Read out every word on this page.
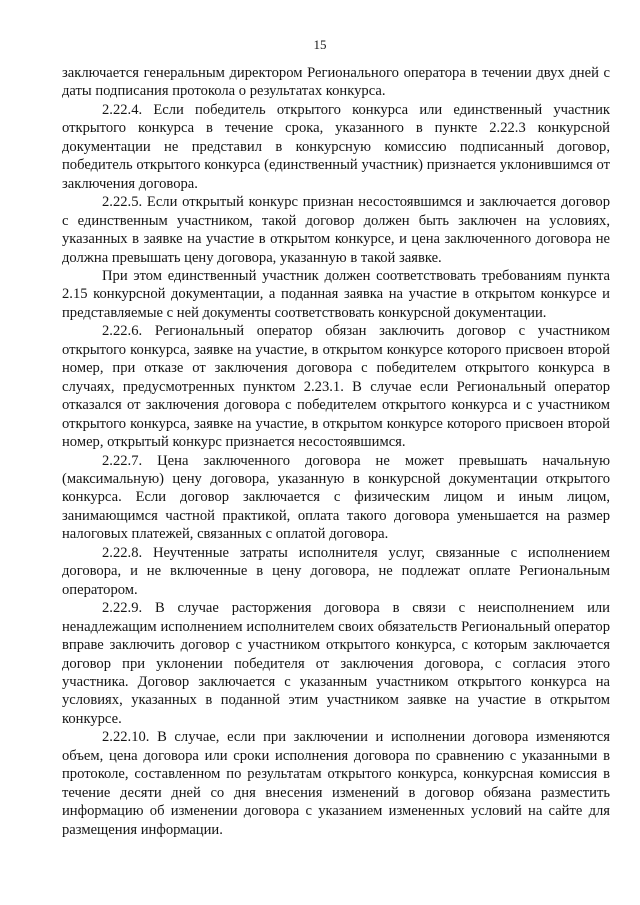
15

заключается генеральным директором Регионального оператора в течении двух дней с даты подписания протокола о результатах конкурса.

2.22.4. Если победитель открытого конкурса или единственный участник открытого конкурса в течение срока, указанного в пункте 2.22.3 конкурсной документации не представил в конкурсную комиссию подписанный договор, победитель открытого конкурса (единственный участник) признается уклонившимся от заключения договора.

2.22.5. Если открытый конкурс признан несостоявшимся и заключается договор с единственным участником, такой договор должен быть заключен на условиях, указанных в заявке на участие в открытом конкурсе, и цена заключенного договора не должна превышать цену договора, указанную в такой заявке.

При этом единственный участник должен соответствовать требованиям пункта 2.15 конкурсной документации, а поданная заявка на участие в открытом конкурсе и представляемые с ней документы соответствовать конкурсной документации.

2.22.6. Региональный оператор обязан заключить договор с участником открытого конкурса, заявке на участие, в открытом конкурсе которого присвоен второй номер, при отказе от заключения договора с победителем открытого конкурса в случаях, предусмотренных пунктом 2.23.1. В случае если Региональный оператор отказался от заключения договора с победителем открытого конкурса и с участником открытого конкурса, заявке на участие, в открытом конкурсе которого присвоен второй номер, открытый конкурс признается несостоявшимся.

2.22.7. Цена заключенного договора не может превышать начальную (максимальную) цену договора, указанную в конкурсной документации открытого конкурса. Если договор заключается с физическим лицом и иным лицом, занимающимся частной практикой, оплата такого договора уменьшается на размер налоговых платежей, связанных с оплатой договора.

2.22.8. Неучтенные затраты исполнителя услуг, связанные с исполнением договора, и не включенные в цену договора, не подлежат оплате Региональным оператором.

2.22.9. В случае расторжения договора в связи с неисполнением или ненадлежащим исполнением исполнителем своих обязательств Региональный оператор вправе заключить договор с участником открытого конкурса, с которым заключается договор при уклонении победителя от заключения договора, с согласия этого участника. Договор заключается с указанным участником открытого конкурса на условиях, указанных в поданной этим участником заявке на участие в открытом конкурсе.

2.22.10. В случае, если при заключении и исполнении договора изменяются объем, цена договора или сроки исполнения договора по сравнению с указанными в протоколе, составленном по результатам открытого конкурса, конкурсная комиссия в течение десяти дней со дня внесения изменений в договор обязана разместить информацию об изменении договора с указанием измененных условий на сайте для размещения информации.
